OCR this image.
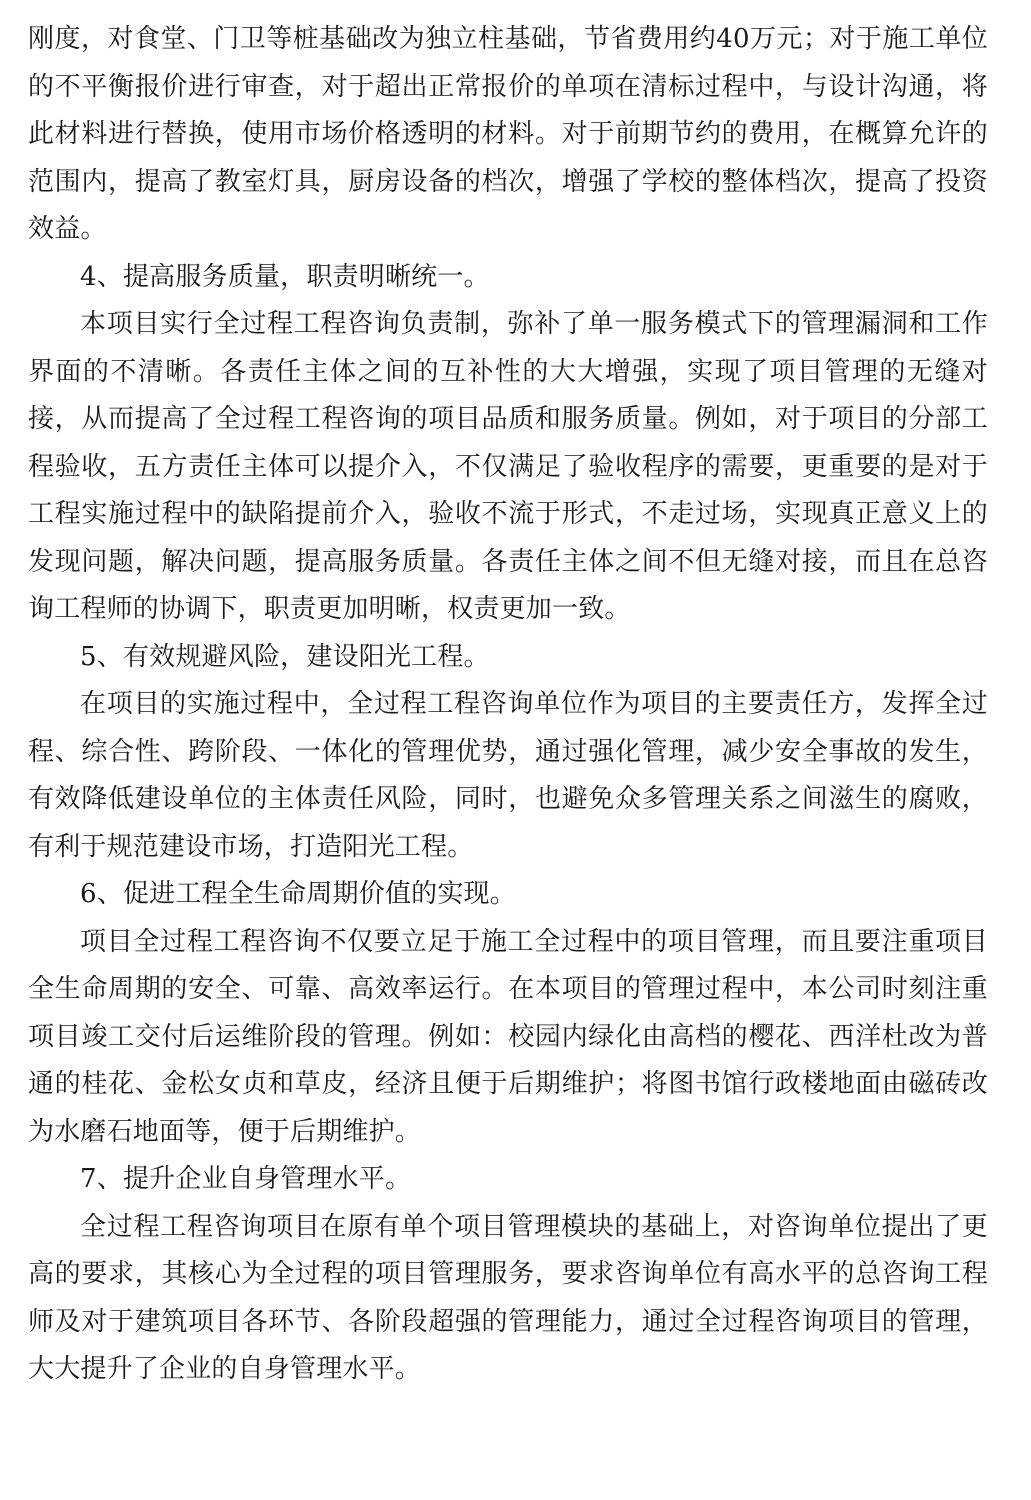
刚度，对食堂、门卫等桩基础改为独立柱基础，节省费用约40万元；对于施工单位的不平衡报价进行审查，对于超出正常报价的单项在清标过程中，与设计沟通，将此材料进行替换，使用市场价格透明的材料。对于前期节约的费用，在概算允许的范围内，提高了教室灯具，厨房设备的档次，增强了学校的整体档次，提高了投资效益。

4、提高服务质量，职责明晰统一。

本项目实行全过程工程咨询负责制，弥补了单一服务模式下的管理漏洞和工作界面的不清晰。各责任主体之间的互补性的大大增强，实现了项目管理的无缝对接，从而提高了全过程工程咨询的项目品质和服务质量。例如，对于项目的分部工程验收，五方责任主体可以提介入，不仅满足了验收程序的需要，更重要的是对于工程实施过程中的缺陷提前介入，验收不流于形式，不走过场，实现真正意义上的发现问题，解决问题，提高服务质量。各责任主体之间不但无缝对接，而且在总咨询工程师的协调下，职责更加明晰，权责更加一致。

5、有效规避风险，建设阳光工程。

在项目的实施过程中，全过程工程咨询单位作为项目的主要责任方，发挥全过程、综合性、跨阶段、一体化的管理优势，通过强化管理，减少安全事故的发生，有效降低建设单位的主体责任风险，同时，也避免众多管理关系之间滋生的腐败，有利于规范建设市场，打造阳光工程。

6、促进工程全生命周期价值的实现。

项目全过程工程咨询不仅要立足于施工全过程中的项目管理，而且要注重项目全生命周期的安全、可靠、高效率运行。在本项目的管理过程中，本公司时刻注重项目竣工交付后运维阶段的管理。例如：校园内绿化由高档的樱花、西洋杜改为普通的桂花、金松女贞和草皮，经济且便于后期维护；将图书馆行政楼地面由磁砖改为水磨石地面等，便于后期维护。

7、提升企业自身管理水平。

全过程工程咨询项目在原有单个项目管理模块的基础上，对咨询单位提出了更高的要求，其核心为全过程的项目管理服务，要求咨询单位有高水平的总咨询工程师及对于建筑项目各环节、各阶段超强的管理能力，通过全过程咨询项目的管理，大大提升了企业的自身管理水平。
